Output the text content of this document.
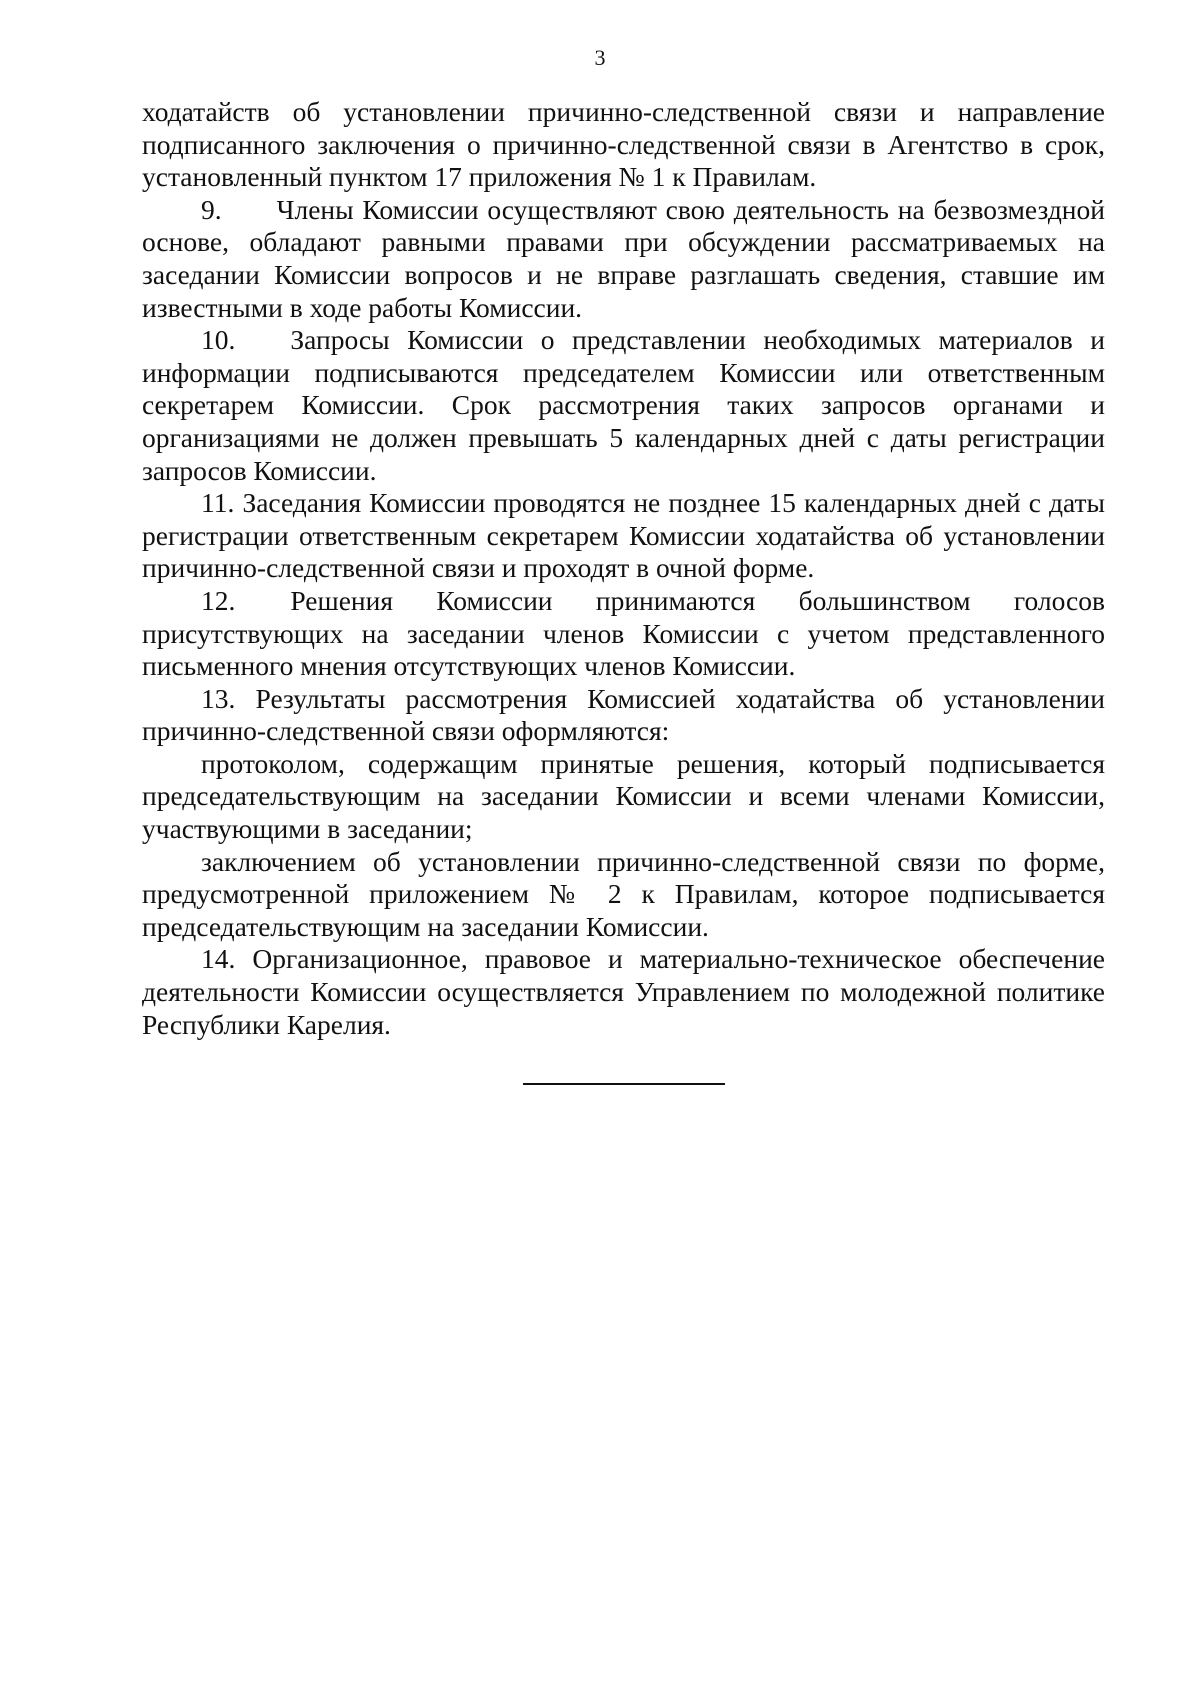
3

ходатайств об установлении причинно-следственной связи и направление подписанного заключения о причинно-следственной связи в Агентство в срок, установленный пунктом 17 приложения № 1 к Правилам.

9.  Члены Комиссии осуществляют свою деятельность на безвозмездной основе, обладают равными правами при обсуждении рассматриваемых на заседании Комиссии вопросов и не вправе разглашать сведения, ставшие им известными в ходе работы Комиссии.

10.  Запросы Комиссии о представлении необходимых материалов и информации подписываются председателем Комиссии или ответственным секретарем Комиссии. Срок рассмотрения таких запросов органами и организациями не должен превышать 5 календарных дней с даты регистрации запросов Комиссии.

11. Заседания Комиссии проводятся не позднее 15 календарных дней с даты регистрации ответственным секретарем Комиссии ходатайства об установлении причинно-следственной связи и проходят в очной форме.

12.  Решения Комиссии принимаются большинством голосов присутствующих на заседании членов Комиссии с учетом представленного письменного мнения отсутствующих членов Комиссии.

13. Результаты рассмотрения Комиссией ходатайства об установлении причинно-следственной связи оформляются:

протоколом, содержащим принятые решения, который подписывается председательствующим на заседании Комиссии и всеми членами Комиссии, участвующими в заседании;

заключением об установлении причинно-следственной связи по форме, предусмотренной приложением № 2 к Правилам, которое подписывается председательствующим на заседании Комиссии.

14. Организационное, правовое и материально-техническое обеспечение деятельности Комиссии осуществляется Управлением по молодежной политике Республики Карелия.
